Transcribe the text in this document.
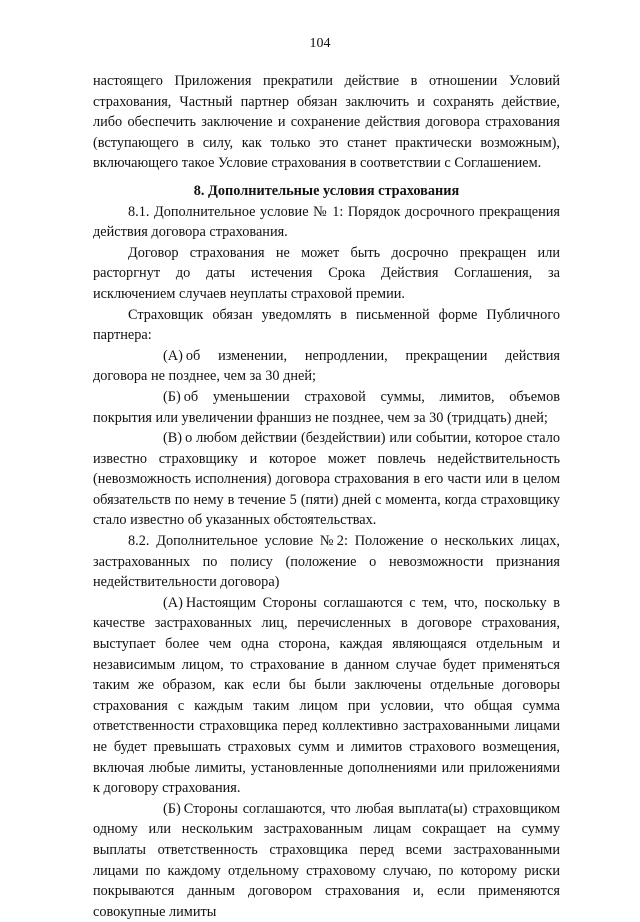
104

настоящего Приложения прекратили действие в отношении Условий страхования, Частный партнер обязан заключить и сохранять действие, либо обеспечить заключение и сохранение действия договора страхования (вступающего в силу, как только это станет практически возможным), включающего такое Условие страхования в соответствии с Соглашением.

8. Дополнительные условия страхования

8.1. Дополнительное условие № 1: Порядок досрочного прекращения действия договора страхования.

Договор страхования не может быть досрочно прекращен или расторгнут до даты истечения Срока Действия Соглашения, за исключением случаев неуплаты страховой премии.

Страховщик обязан уведомлять в письменной форме Публичного партнера:

(А) об изменении, непродлении, прекращении действия договора не позднее, чем за 30 дней;

(Б) об уменьшении страховой суммы, лимитов, объемов покрытия или увеличении франшиз не позднее, чем за 30 (тридцать) дней;

(В) о любом действии (бездействии) или событии, которое стало известно страховщику и которое может повлечь недействительность (невозможность исполнения) договора страхования в его части или в целом обязательств по нему в течение 5 (пяти) дней с момента, когда страховщику стало известно об указанных обстоятельствах.

8.2. Дополнительное условие №2: Положение о нескольких лицах, застрахованных по полису (положение о невозможности признания недействительности договора)

(А) Настоящим Стороны соглашаются с тем, что, поскольку в качестве застрахованных лиц, перечисленных в договоре страхования, выступает более чем одна сторона, каждая являющаяся отдельным и независимым лицом, то страхование в данном случае будет применяться таким же образом, как если бы были заключены отдельные договоры страхования с каждым таким лицом при условии, что общая сумма ответственности страховщика перед коллективно застрахованными лицами не будет превышать страховых сумм и лимитов страхового возмещения, включая любые лимиты, установленные дополнениями или приложениями к договору страхования.

(Б) Стороны соглашаются, что любая выплата(ы) страховщиком одному или нескольким застрахованным лицам сокращает на сумму выплаты ответственность страховщика перед всеми застрахованными лицами по каждому отдельному страховому случаю, по которому риски покрываются данным договором страхования и, если применяются совокупные лимиты
